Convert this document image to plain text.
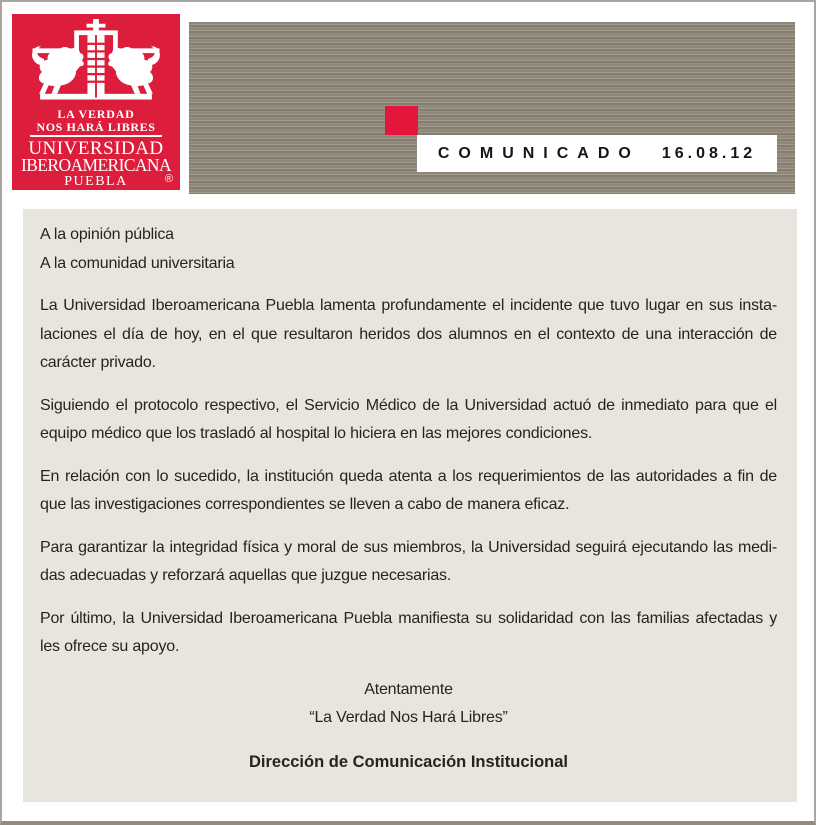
LA VERDAD
NOS HARÁ LIBRES
UNIVERSIDAD
IBEROAMERICANA
PUEBLA	®
COMUNICADO 16.08.12
A la opinión pública
A la comunidad universitaria
La Universidad Iberoamericana Puebla lamenta profundamente el incidente que tuvo lugar en sus insta-
laciones el día de hoy, en el que resultaron heridos dos alumnos en el contexto de una interacción de
carácter privado.
Siguiendo el protocolo respectivo, el Servicio Médico de la Universidad actuó de inmediato para que el
equipo médico que los trasladó al hospital lo hiciera en las mejores condiciones.
En relación con lo sucedido, la institución queda atenta a los requerimientos de las autoridades a fin de
que las investigaciones correspondientes se lleven a cabo de manera eficaz.
Para garantizar la integridad física y moral de sus miembros, la Universidad seguirá ejecutando las medi-
das adecuadas y reforzará aquellas que juzgue necesarias.
Por último, la Universidad Iberoamericana Puebla manifiesta su solidaridad con las familias afectadas y
les ofrece su apoyo.
Atentamente
“La Verdad Nos Hará Libres”
Dirección de Comunicación Institucional
